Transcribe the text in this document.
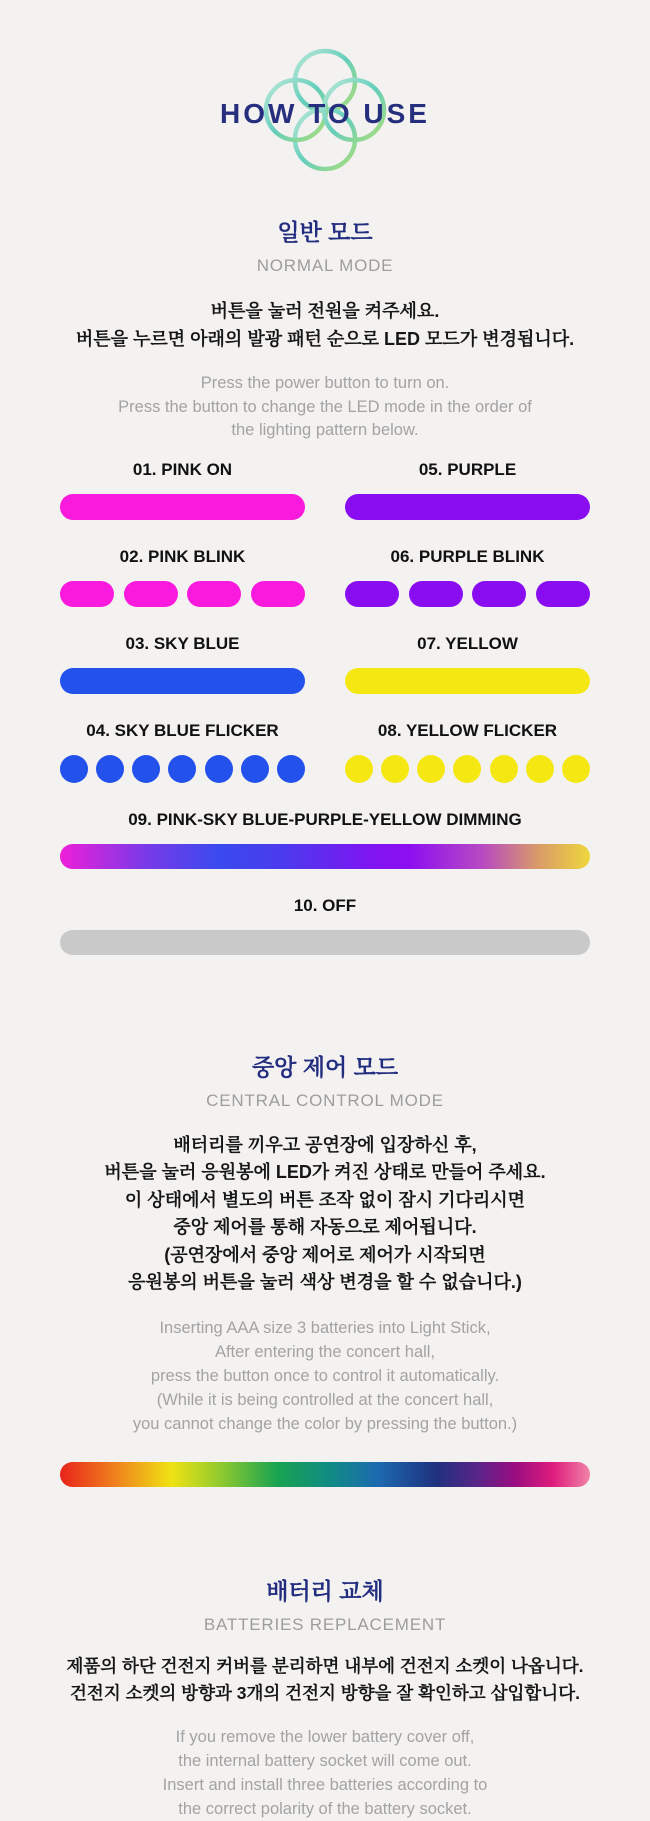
HOW TO USE
일반 모드
NORMAL MODE
버튼을 눌러 전원을 켜주세요.
버튼을 누르면 아래의 발광 패턴 순으로 LED 모드가 변경됩니다.
Press the power button to turn on.
Press the button to change the LED mode in the order of
the lighting pattern below.
01. PINK ON	05. PURPLE
02. PINK BLINK	06. PURPLE BLINK
03. SKY BLUE	07. YELLOW
04. SKY BLUE FLICKER	08. YELLOW FLICKER
09. PINK-SKY BLUE-PURPLE-YELLOW DIMMING
10. OFF
중앙 제어 모드
CENTRAL CONTROL MODE
배터리를 끼우고 공연장에 입장하신 후,
버튼을 눌러 응원봉에 LED가 켜진 상태로 만들어 주세요.
이 상태에서 별도의 버튼 조작 없이 잠시 기다리시면
중앙 제어를 통해 자동으로 제어됩니다.
(공연장에서 중앙 제어로 제어가 시작되면
응원봉의 버튼을 눌러 색상 변경을 할 수 없습니다.)
Inserting AAA size 3 batteries into Light Stick,
After entering the concert hall,
press the button once to control it automatically.
(While it is being controlled at the concert hall,
you cannot change the color by pressing the button.)
배터리 교체
BATTERIES REPLACEMENT
제품의 하단 건전지 커버를 분리하면 내부에 건전지 소켓이 나옵니다.
건전지 소켓의 방향과 3개의 건전지 방향을 잘 확인하고 삽입합니다.
If you remove the lower battery cover off,
the internal battery socket will come out.
Insert and install three batteries according to
the correct polarity of the battery socket.
